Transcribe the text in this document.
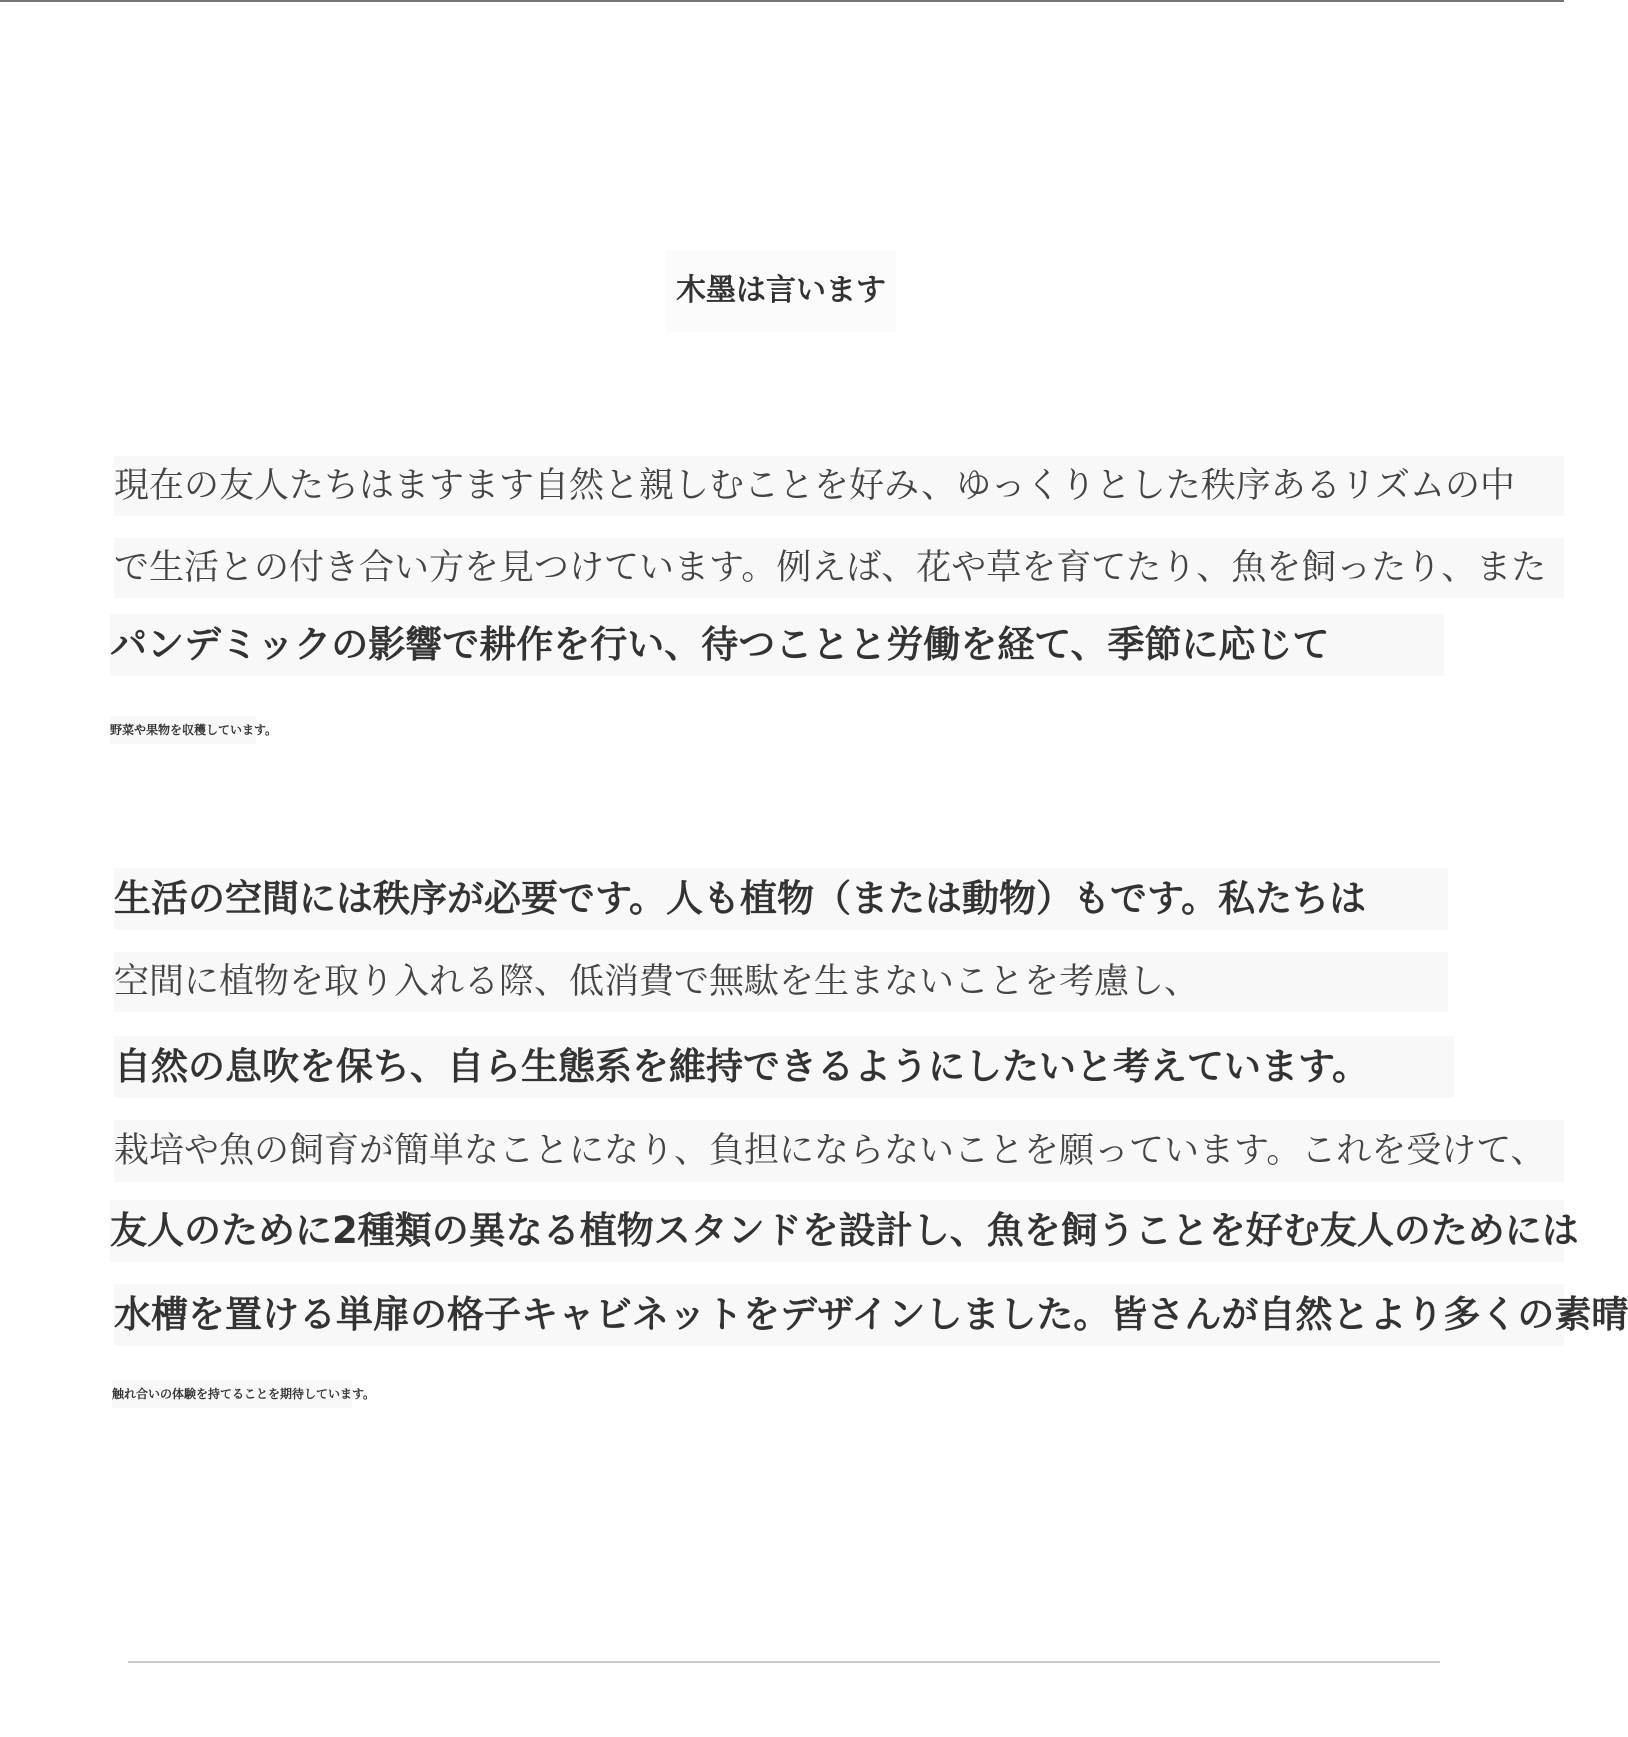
木墨は言います
現在の友人たちはますます自然と親しむことを好み、ゆっくりとした秩序あるリズムの中
で生活との付き合い方を見つけています。例えば、花や草を育てたり、魚を飼ったり、また
パンデミックの影響で耕作を行い、待つことと労働を経て、季節に応じて
野菜や果物を収穫しています。
生活の空間には秩序が必要です。人も植物（または動物）もです。私たちは
空間に植物を取り入れる際、低消費で無駄を生まないことを考慮し、
自然の息吹を保ち、自ら生態系を維持できるようにしたいと考えています。
栽培や魚の飼育が簡単なことになり、負担にならないことを願っています。これを受けて、
友人のために2種類の異なる植物スタンドを設計し、魚を飼うことを好む友人のためには
水槽を置ける単扉の格子キャビネットをデザインしました。皆さんが自然とより多くの素晴
触れ合いの体験を持てることを期待しています。
